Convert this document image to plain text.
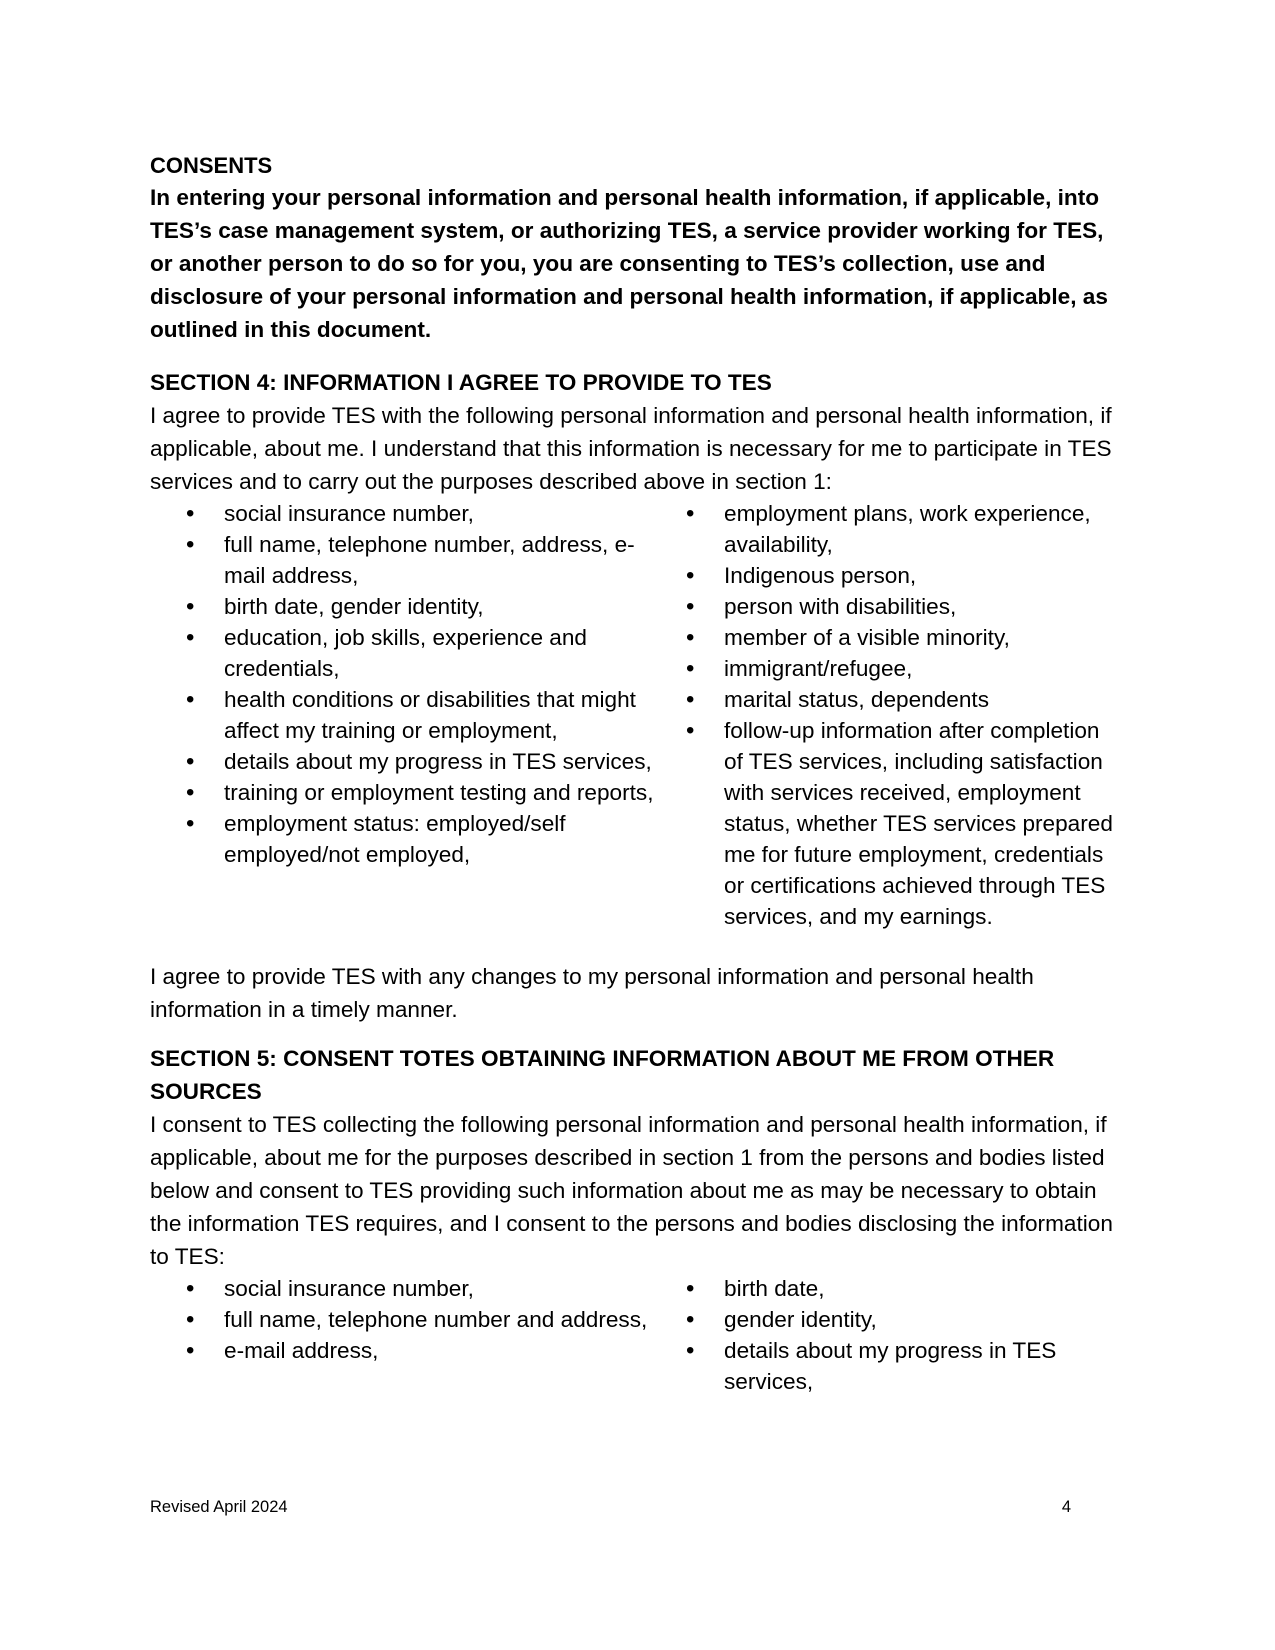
CONSENTS

In entering your personal information and personal health information, if applicable, into TES’s case management system, or authorizing TES, a service provider working for TES, or another person to do so for you, you are consenting to TES’s collection, use and disclosure of your personal information and personal health information, if applicable, as outlined in this document.

SECTION 4: INFORMATION I AGREE TO PROVIDE TO TES

I agree to provide TES with the following personal information and personal health information, if applicable, about me. I understand that this information is necessary for me to participate in TES services and to carry out the purposes described above in section 1:

• social insurance number,
• full name, telephone number, address, e-mail address,
• birth date, gender identity,
• education, job skills, experience and credentials,
• health conditions or disabilities that might affect my training or employment,
• details about my progress in TES services,
• training or employment testing and reports,
• employment status: employed/self employed/not employed,
• employment plans, work experience, availability,
• Indigenous person,
• person with disabilities,
• member of a visible minority,
• immigrant/refugee,
• marital status, dependents
• follow-up information after completion of TES services, including satisfaction with services received, employment status, whether TES services prepared me for future employment, credentials or certifications achieved through TES services, and my earnings.

I agree to provide TES with any changes to my personal information and personal health information in a timely manner.

SECTION 5: CONSENT TOTES OBTAINING INFORMATION ABOUT ME FROM OTHER SOURCES

I consent to TES collecting the following personal information and personal health information, if applicable, about me for the purposes described in section 1 from the persons and bodies listed below and consent to TES providing such information about me as may be necessary to obtain the information TES requires, and I consent to the persons and bodies disclosing the information to TES:

• social insurance number,
• full name, telephone number and address,
• e-mail address,
• birth date,
• gender identity,
• details about my progress in TES services,
Revised April 2024	4
